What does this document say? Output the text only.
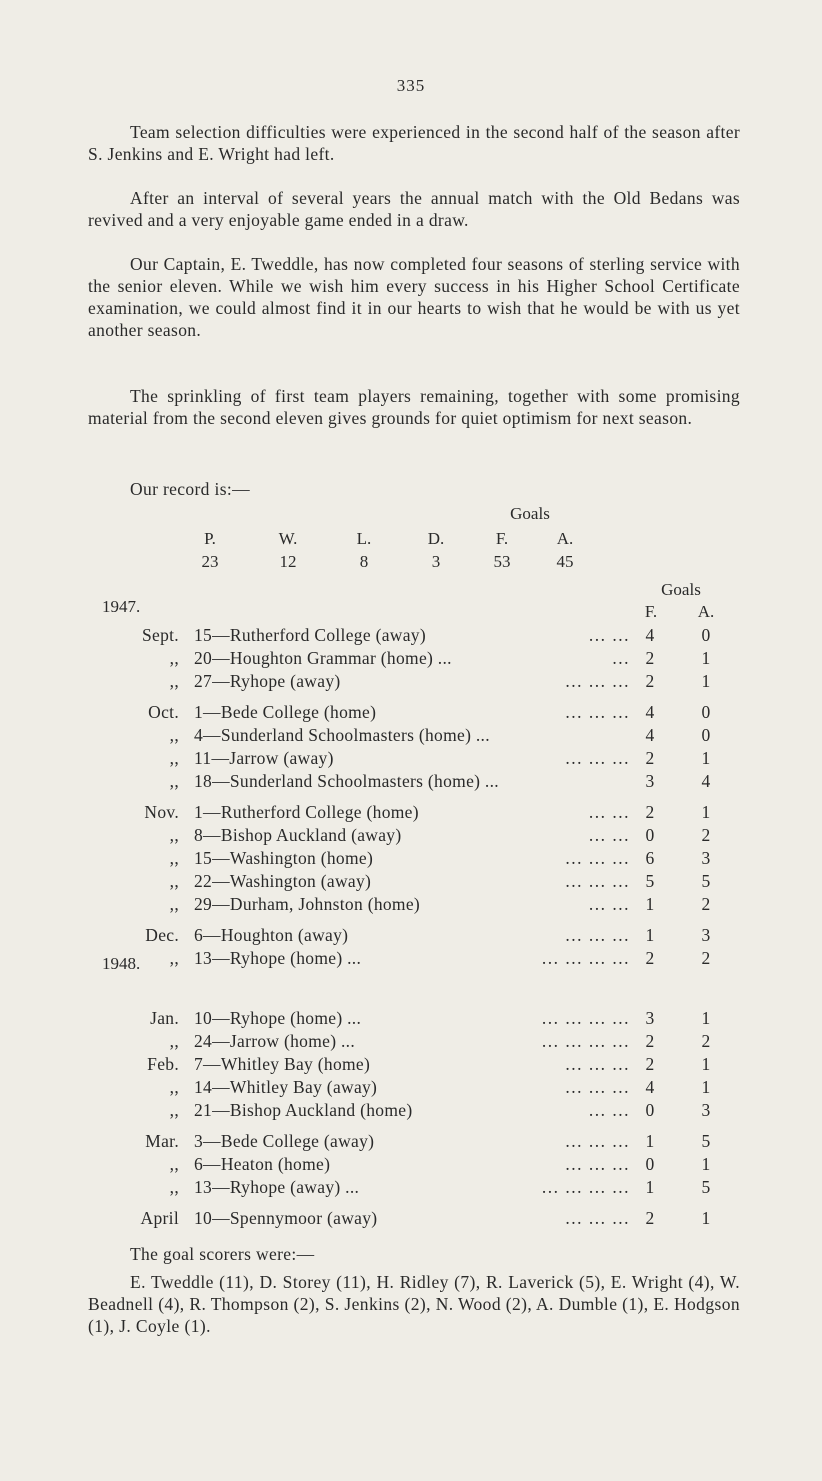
335

Team selection difficulties were experienced in the second half of the season after S. Jenkins and E. Wright had left.

After an interval of several years the annual match with the Old Bedans was revived and a very enjoyable game ended in a draw.

Our Captain, E. Tweddle, has now completed four seasons of sterling service with the senior eleven. While we wish him every success in his Higher School Certificate examination, we could almost find it in our hearts to wish that he would be with us yet another season.

The sprinkling of first team players remaining, together with some promising material from the second eleven gives grounds for quiet optimism for next season.

Our record is:—

Goals
P.	W.	L.	D.	F.	A.
23	12	8	3	53	45
Goals
F. A.
1947.
1948.
Sept. 15—Rutherford College (away)	... ... 4	0
,, 20—Houghton Grammar (home) ...	... 2	1
,, 27—Ryhope (away)	... ... ... 2	1
Oct. 1—Bede College (home)	... ... ... 4	0
,, 4—Sunderland Schoolmasters (home) ...	4	0
,, 11—Jarrow (away)	... ... ... 2	1
,, 18—Sunderland Schoolmasters (home) ...	3	4
Nov. 1—Rutherford College (home)	... ... 2	1
,, 8—Bishop Auckland (away)	... ... 0	2
,, 15—Washington (home)	... ... ... 6	3
,, 22—Washington (away)	... ... ... 5	5
,, 29—Durham, Johnston (home)	... ... 1	2
Dec. 6—Houghton (away)	... ... ... 1	3
,, 13—Ryhope (home) ...	... ... ... ... 2	2
Jan. 10—Ryhope (home) ...	... ... ... ... 3	1
,, 24—Jarrow (home) ...	... ... ... ... 2	2
Feb. 7—Whitley Bay (home)	... ... ... 2	1
,, 14—Whitley Bay (away)	... ... ... 4	1
,, 21—Bishop Auckland (home)	... ... 0	3
Mar. 3—Bede College (away)	... ... ... 1	5
,, 6—Heaton (home)	... ... ... 0	1
,, 13—Ryhope (away) ...	... ... ... ... 1	5
April 10—Spennymoor (away)	... ... ... 2	1

The goal scorers were:—

E. Tweddle (11), D. Storey (11), H. Ridley (7), R. Laverick (5), E. Wright (4), W. Beadnell (4), R. Thompson (2), S. Jenkins (2), N. Wood (2), A. Dumble (1), E. Hodgson (1), J. Coyle (1).
